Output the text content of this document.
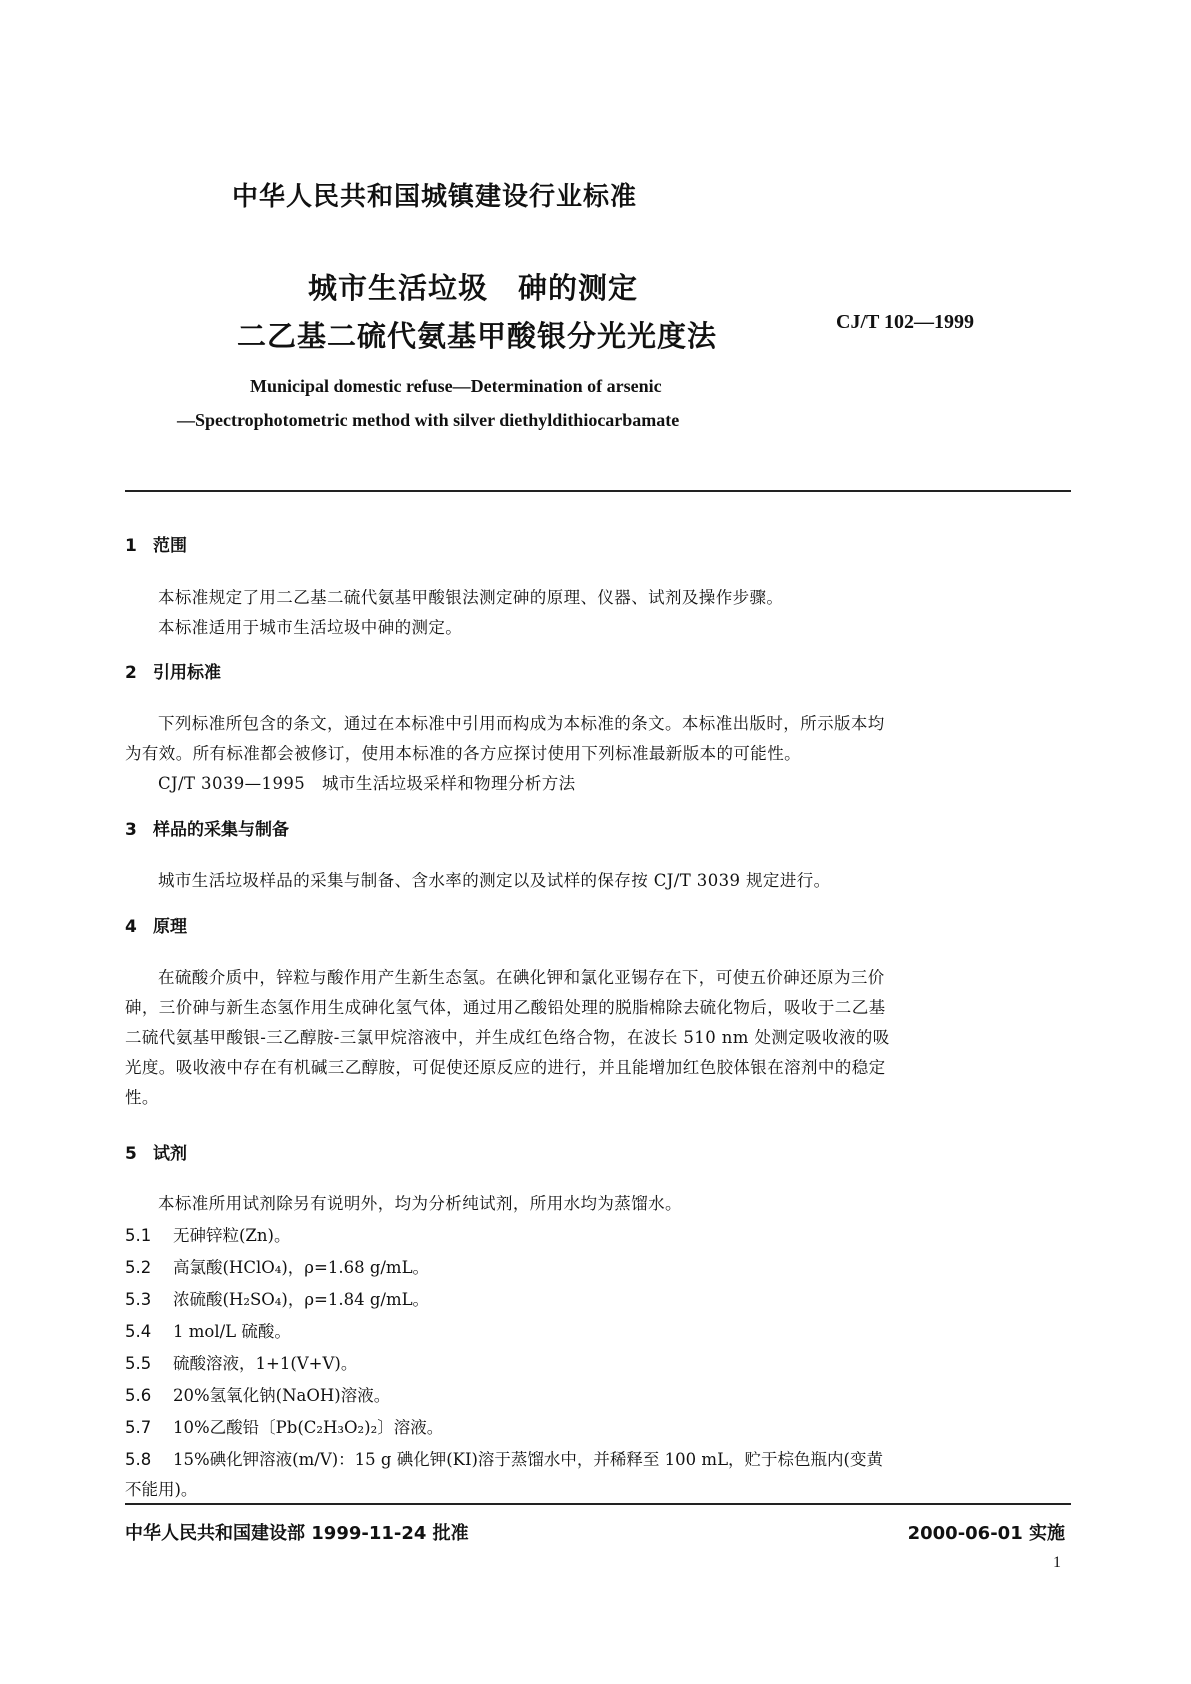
中华人民共和国城镇建设行业标准
城市生活垃圾　砷的测定
二乙基二硫代氨基甲酸银分光光度法	CJ/T 102—1999
Municipal domestic refuse—Determination of arsenic
—Spectrophotometric method with silver diethyldithiocarbamate
1 范围
本标准规定了用二乙基二硫代氨基甲酸银法测定砷的原理、仪器、试剂及操作步骤。
本标准适用于城市生活垃圾中砷的测定。
2 引用标准
下列标准所包含的条文，通过在本标准中引用而构成为本标准的条文。本标准出版时，所示版本均
为有效。所有标准都会被修订，使用本标准的各方应探讨使用下列标准最新版本的可能性。
CJ/T 3039—1995　城市生活垃圾采样和物理分析方法
3 样品的采集与制备
城市生活垃圾样品的采集与制备、含水率的测定以及试样的保存按 CJ/T 3039 规定进行。
4 原理
在硫酸介质中，锌粒与酸作用产生新生态氢。在碘化钾和氯化亚锡存在下，可使五价砷还原为三价
砷，三价砷与新生态氢作用生成砷化氢气体，通过用乙酸铅处理的脱脂棉除去硫化物后，吸收于二乙基
二硫代氨基甲酸银-三乙醇胺-三氯甲烷溶液中，并生成红色络合物，在波长 510 nm 处测定吸收液的吸
光度。吸收液中存在有机碱三乙醇胺，可促使还原反应的进行，并且能增加红色胶体银在溶剂中的稳定
性。
5 试剂
本标准所用试剂除另有说明外，均为分析纯试剂，所用水均为蒸馏水。
5.1 无砷锌粒(Zn)。
5.2 高氯酸(HClO₄)，ρ=1.68 g/mL。
5.3 浓硫酸(H₂SO₄)，ρ=1.84 g/mL。
5.4 1 mol/L 硫酸。
5.5 硫酸溶液，1+1(V+V)。
5.6 20%氢氧化钠(NaOH)溶液。
5.7 10%乙酸铅〔Pb(C₂H₃O₂)₂〕溶液。
5.8 15%碘化钾溶液(m/V)：15 g 碘化钾(KI)溶于蒸馏水中，并稀释至 100 mL，贮于棕色瓶内(变黄
不能用)。
中华人民共和国建设部 1999-11-24 批准	2000-06-01 实施
1
